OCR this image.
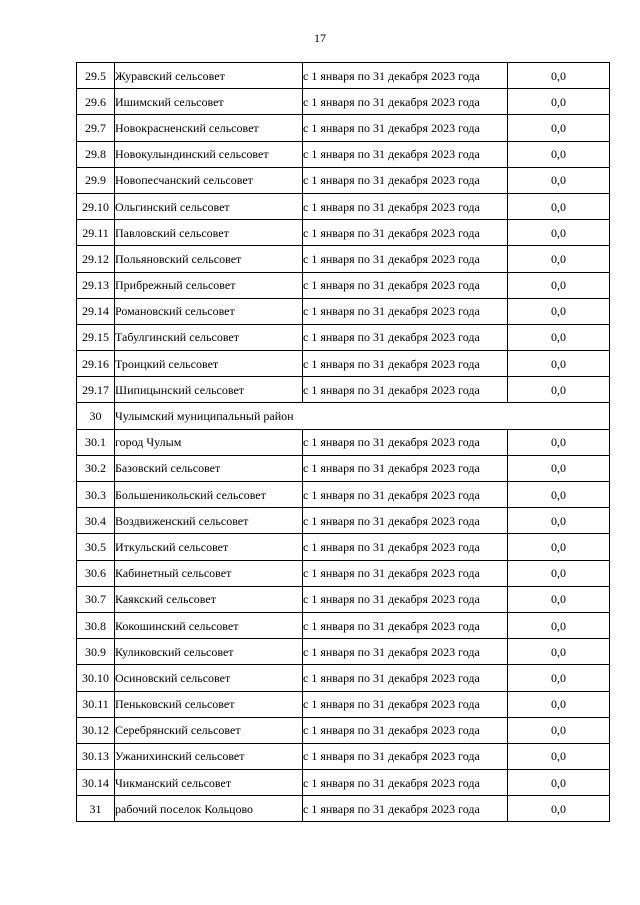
17
29.5	Журавский сельсовет	с 1 января по 31 декабря 2023 года	0,0
29.6	Ишимский сельсовет	с 1 января по 31 декабря 2023 года	0,0
29.7	Новокрасненский сельсовет	с 1 января по 31 декабря 2023 года	0,0
29.8	Новокулындинский сельсовет	с 1 января по 31 декабря 2023 года	0,0
29.9	Новопесчанский сельсовет	с 1 января по 31 декабря 2023 года	0,0
29.10	Ольгинский сельсовет	с 1 января по 31 декабря 2023 года	0,0
29.11	Павловский сельсовет	с 1 января по 31 декабря 2023 года	0,0
29.12	Польяновский сельсовет	с 1 января по 31 декабря 2023 года	0,0
29.13	Прибрежный сельсовет	с 1 января по 31 декабря 2023 года	0,0
29.14	Романовский сельсовет	с 1 января по 31 декабря 2023 года	0,0
29.15	Табулгинский сельсовет	с 1 января по 31 декабря 2023 года	0,0
29.16	Троицкий сельсовет	с 1 января по 31 декабря 2023 года	0,0
29.17	Шипицынский сельсовет	с 1 января по 31 декабря 2023 года	0,0
30	Чулымский муниципальный район		
30.1	город Чулым	с 1 января по 31 декабря 2023 года	0,0
30.2	Базовский сельсовет	с 1 января по 31 декабря 2023 года	0,0
30.3	Большеникольский сельсовет	с 1 января по 31 декабря 2023 года	0,0
30.4	Воздвиженский сельсовет	с 1 января по 31 декабря 2023 года	0,0
30.5	Иткульский сельсовет	с 1 января по 31 декабря 2023 года	0,0
30.6	Кабинетный сельсовет	с 1 января по 31 декабря 2023 года	0,0
30.7	Каякский сельсовет	с 1 января по 31 декабря 2023 года	0,0
30.8	Кокошинский сельсовет	с 1 января по 31 декабря 2023 года	0,0
30.9	Куликовский сельсовет	с 1 января по 31 декабря 2023 года	0,0
30.10	Осиновский сельсовет	с 1 января по 31 декабря 2023 года	0,0
30.11	Пеньковский сельсовет	с 1 января по 31 декабря 2023 года	0,0
30.12	Серебрянский сельсовет	с 1 января по 31 декабря 2023 года	0,0
30.13	Ужанихинский сельсовет	с 1 января по 31 декабря 2023 года	0,0
30.14	Чикманский сельсовет	с 1 января по 31 декабря 2023 года	0,0
31	рабочий поселок Кольцово	с 1 января по 31 декабря 2023 года	0,0
